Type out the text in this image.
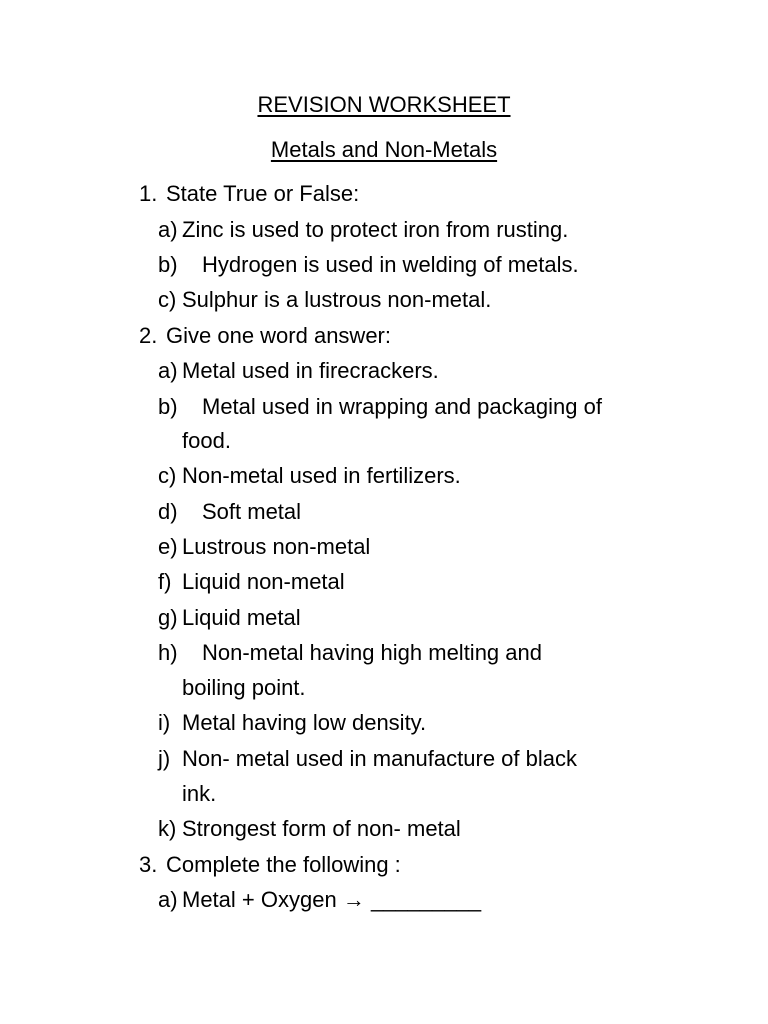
REVISION WORKSHEET
Metals and Non-Metals
1. State True or False:
a) Zinc is used to protect iron from rusting.
b) Hydrogen is used in welding of metals.
c) Sulphur is a lustrous non-metal.
2. Give one word answer:
a) Metal used in firecrackers.
b) Metal used in wrapping and packaging of
food.
c) Non-metal used in fertilizers.
d) Soft metal
e) Lustrous non-metal
f) Liquid non-metal
g) Liquid metal
h) Non-metal having high melting and
boiling point.
i) Metal having low density.
j) Non- metal used in manufacture of black
ink.
k) Strongest form of non- metal
3. Complete the following :
a) Metal + Oxygen → _________
